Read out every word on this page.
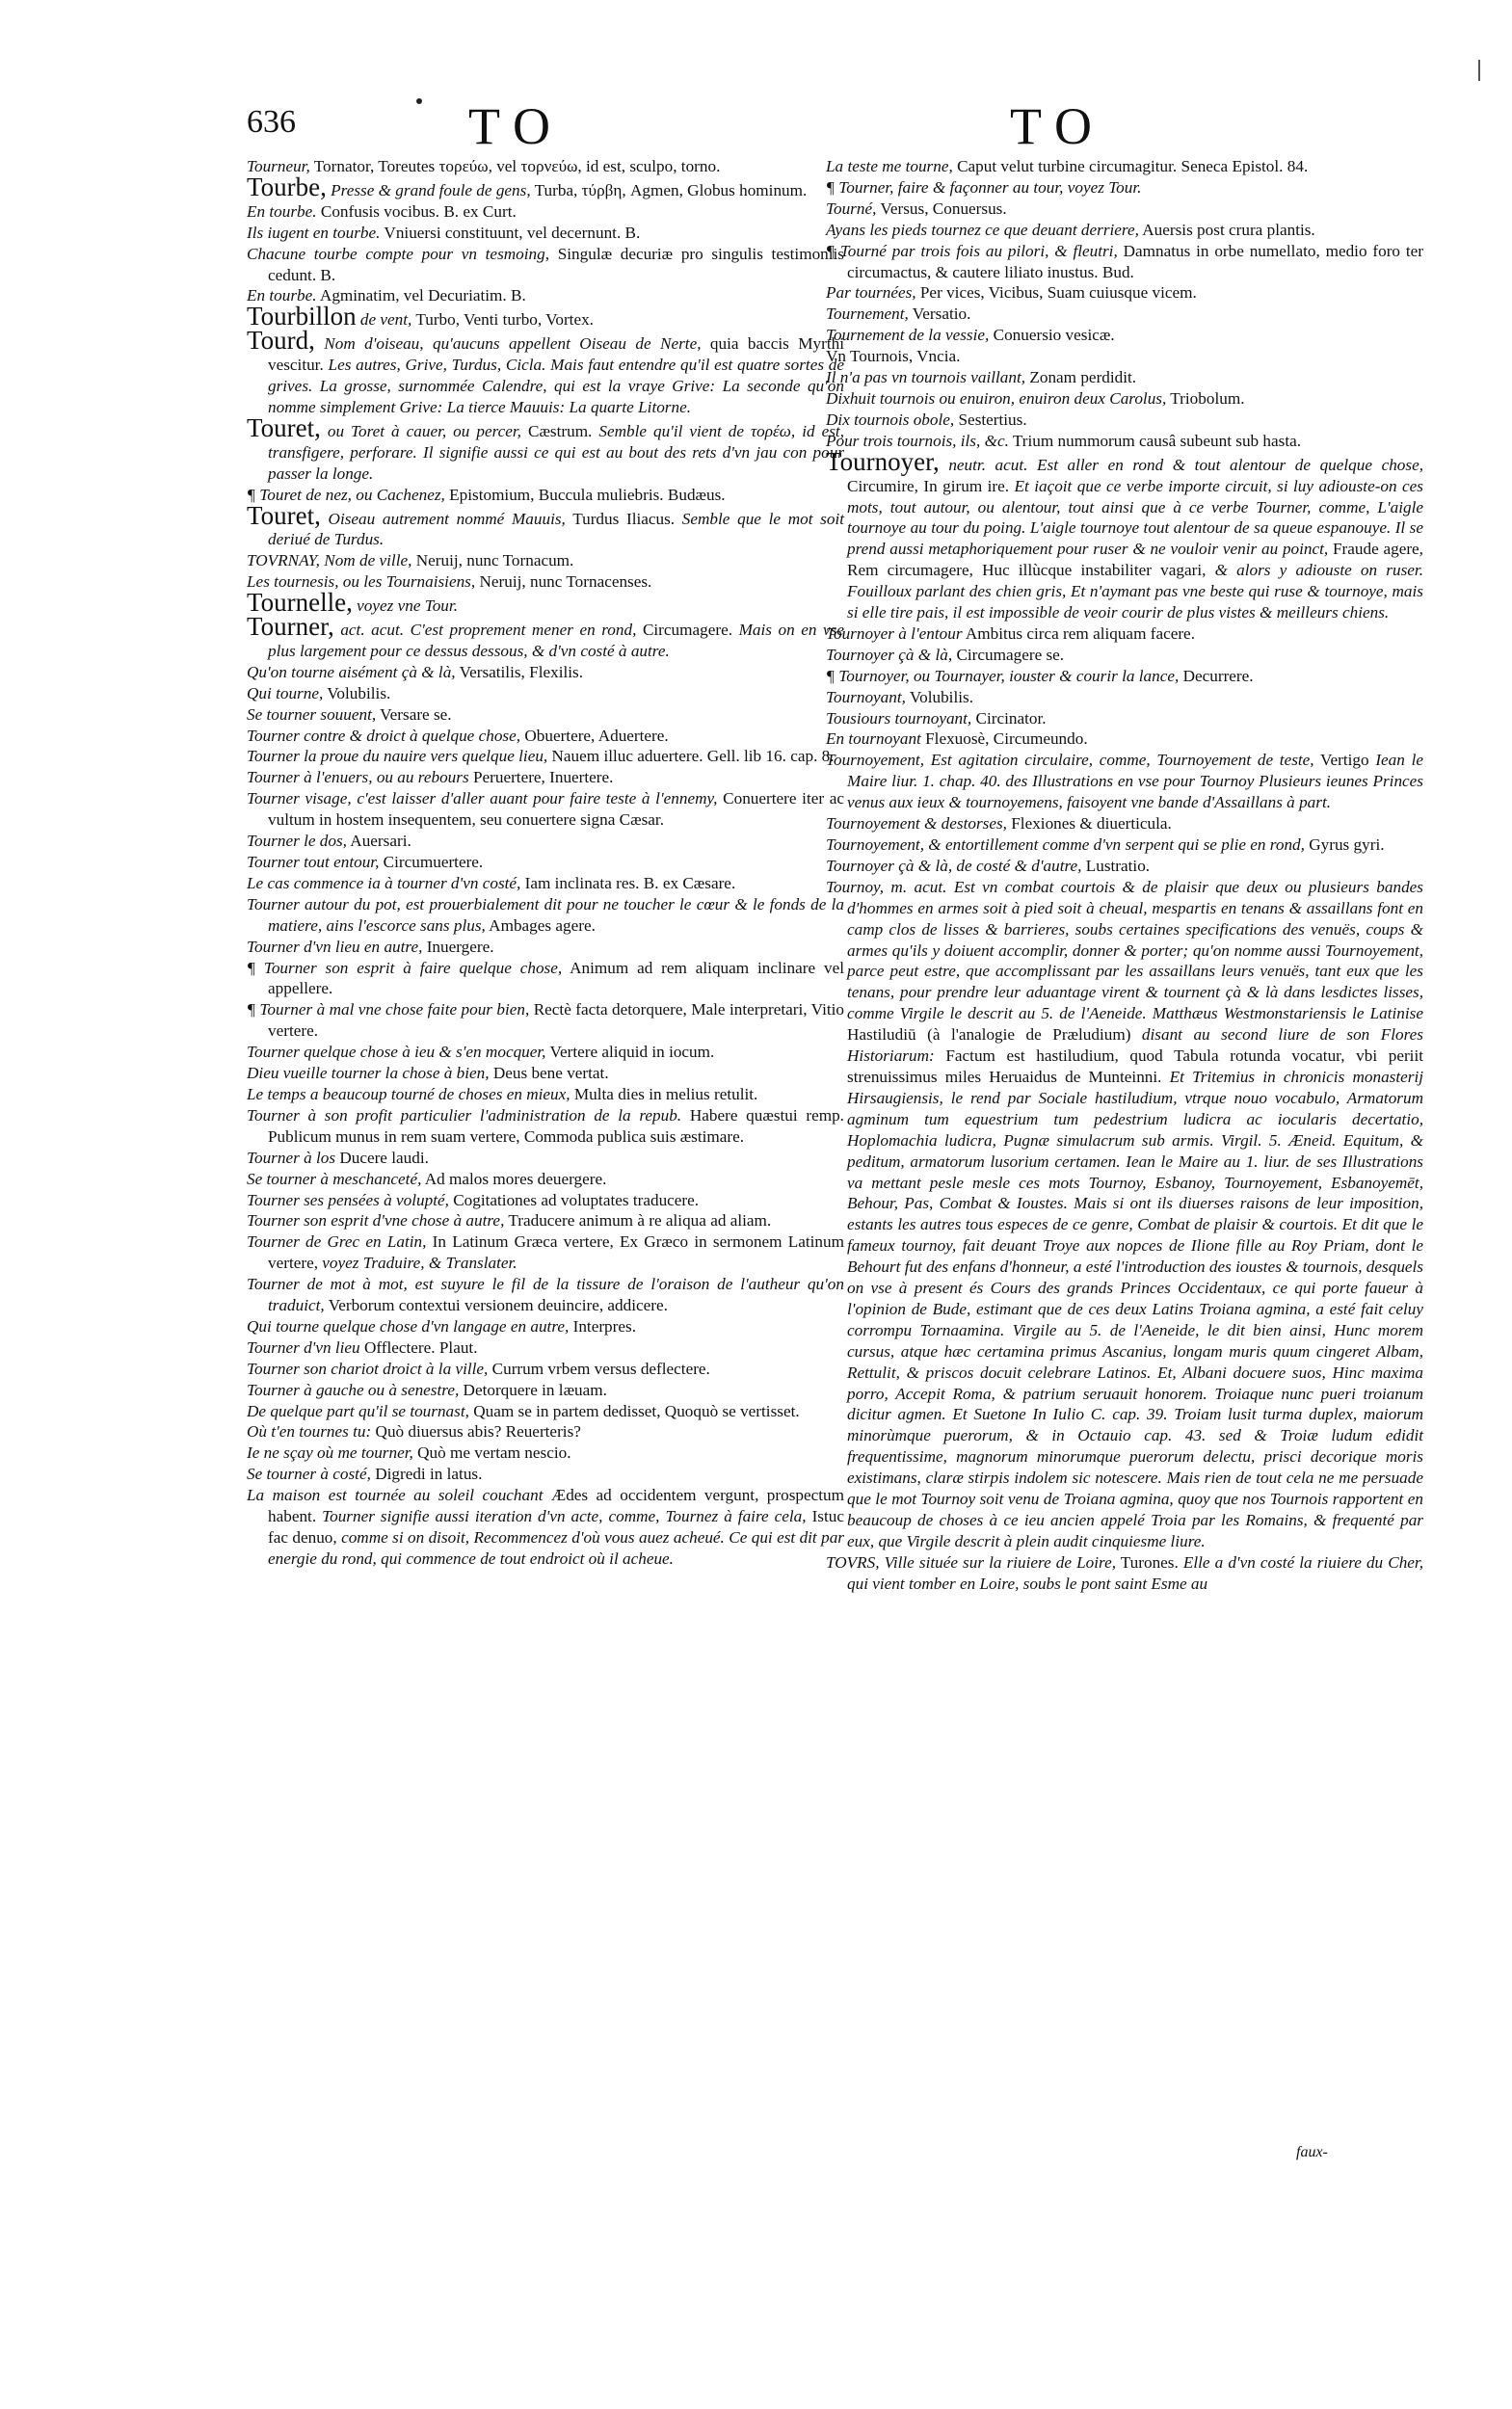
636	TO	TO
Tourneur, Tornator, Toreutes τορεύω, vel τορνεύω, id est, sculpo, torno.
Tourbe, Presse & grand foule de gens, Turba, τύρβη, Agmen, Globus hominum.
En tourbe. Confusis vocibus. B. ex Curt.
Ils iugent en tourbe. Vniuersi constituunt, vel decernunt. B.
Chacune tourbe compte pour vn tesmoing, Singulæ decuriæ pro singulis testimoniis cedunt. B.
En tourbe. Agminatim, vel Decuriatim. B.
Tourbillon de vent, Turbo, Venti turbo, Vortex.
Tourd, Nom d'oiseau, qu'aucuns appellent Oiseau de Nerte, quia baccis Myrthi vescitur. Les autres, Grive, Turdus, Cicla. Mais faut entendre qu'il est quatre sortes de grives. La grosse, surnommée Calendre, qui est la vraye Grive: La seconde qu'on nomme simplement Grive: La tierce Mauuis: La quarte Litorne.
Touret, ou Toret à cauer, ou percer, Cæstrum. Semble qu'il vient de τορέω, id est, transfigere, perforare. Il signifie aussi ce qui est au bout des rets d'vn jau con pour passer la longe.
¶ Touret de nez, ou Cachenez, Epistomium, Buccula muliebris. Budæus.
Touret, Oiseau autrement nommé Mauuis, Turdus Iliacus. Semble que le mot soit deriué de Turdus.
TOVRNAY, Nom de ville, Neruij, nunc Tornacum.
Les tournesis, ou les Tournaisiens, Neruij, nunc Tornacenses.
Tournelle, voyez vne Tour.
Tourner, act. acut. C'est proprement mener en rond, Circumagere. Mais on en vse plus largement pour ce dessus dessous, & d'vn costé à autre.
Qu'on tourne aisément çà & là, Versatilis, Flexilis.
Qui tourne, Volubilis.
Se tourner souuent, Versare se.
Tourner contre & droict à quelque chose, Obuertere, Aduertere.
Tourner la proue du nauire vers quelque lieu, Nauem illuc aduertere. Gell. lib 16. cap. 8.
Tourner à l'enuers, ou au rebours Peruertere, Inuertere.
Tourner visage, c'est laisser d'aller auant pour faire teste à l'ennemy, Conuertere iter ac vultum in hostem insequentem, seu conuertere signa Cæsar.
Tourner le dos, Auersari.
Tourner tout entour, Circumuertere.
Le cas commence ia à tourner d'vn costé, Iam inclinata res. B. ex Cæsare.
Tourner autour du pot, est prouerbialement dit pour ne toucher le cœur & le fonds de la matiere, ains l'escorce sans plus, Ambages agere.
Tourner d'vn lieu en autre, Inuergere.
¶ Tourner son esprit à faire quelque chose, Animum ad rem aliquam inclinare vel appellere.
¶ Tourner à mal vne chose faite pour bien, Rectè facta detorquere, Male interpretari, Vitio vertere.
Tourner quelque chose à ieu & s'en mocquer, Vertere aliquid in iocum.
Dieu vueille tourner la chose à bien, Deus bene vertat.
Le temps a beaucoup tourné de choses en mieux, Multa dies in melius retulit.
Tourner à son profit particulier l'administration de la repub. Habere quæstui remp. Publicum munus in rem suam vertere, Commoda publica suis æstimare.
Tourner à los Ducere laudi.
Se tourner à meschanceté, Ad malos mores deuergere.
Tourner ses pensées à volupté, Cogitationes ad voluptates traducere.
Tourner son esprit d'vne chose à autre, Traducere animum à re aliqua ad aliam.
Tourner de Grec en Latin, In Latinum Græca vertere, Ex Græco in sermonem Latinum vertere, voyez Traduire, & Translater.
Tourner de mot à mot, est suyure le fil de la tissure de l'oraison de l'autheur qu'on traduict, Verborum contextui versionem deuincire, addicere.
Qui tourne quelque chose d'vn langage en autre, Interpres.
Tourner d'vn lieu Offlectere. Plaut.
Tourner son chariot droict à la ville, Currum vrbem versus deflectere.
Tourner à gauche ou à senestre, Detorquere in læuam.
De quelque part qu'il se tournast, Quam se in partem dedisset, Quoquò se vertisset.
Où t'en tournes tu: Quò diuersus abis? Reuerteris?
Ie ne sçay où me tourner, Quò me vertam nescio.
Se tourner à costé, Digredi in latus.
La maison est tournée au soleil couchant Ædes ad occidentem vergunt, prospectum habent. Tourner signifie aussi iteration d'vn acte, comme, Tournez à faire cela, Istuc fac denuo, comme si on disoit, Recommencez d'où vous auez acheué. Ce qui est dit par energie du rond, qui commence de tout endroict où il acheue.
La teste me tourne, Caput velut turbine circumagitur. Seneca Epistol. 84.
¶ Tourner, faire & façonner au tour, voyez Tour.
Tourné, Versus, Conuersus.
Ayans les pieds tournez ce que deuant derriere, Auersis post crura plantis.
¶ Tourné par trois fois au pilori, & fleutri, Damnatus in orbe numellato, medio foro ter circumactus, & cautere liliato inustus. Bud.
Par tournées, Per vices, Vicibus, Suam cuiusque vicem.
Tournement, Versatio.
Tournement de la vessie, Conuersio vesicæ.
Vn Tournois, Vncia.
Il n'a pas vn tournois vaillant, Zonam perdidit.
Dixhuit tournois ou enuiron, enuiron deux Carolus, Triobolum.
Dix tournois obole, Sestertius.
Pour trois tournois, ils, &c. Trium nummorum causâ subeunt sub hasta.
Tournoyer, neutr. acut. Est aller en rond & tout alentour de quelque chose, Circumire, In girum ire. Et iaçoit que ce verbe importe circuit, si luy adiouste-on ces mots, tout autour, ou alentour, tout ainsi que à ce verbe Tourner, comme, L'aigle tournoye au tour du poing. L'aigle tournoye tout alentour de sa queue espanouye. Il se prend aussi metaphoriquement pour ruser & ne vouloir venir au poinct, Fraude agere, Rem circumagere, Huc illùcque instabiliter vagari, & alors y adiouste on ruser. Fouilloux parlant des chien gris, Et n'aymant pas vne beste qui ruse & tournoye, mais si elle tire pais, il est impossible de veoir courir de plus vistes & meilleurs chiens.
Tournoyer à l'entour Ambitus circa rem aliquam facere.
Tournoyer çà & là, Circumagere se.
¶ Tournoyer, ou Tournayer, iouster & courir la lance, Decurrere.
Tournoyant, Volubilis.
Tousiours tournoyant, Circinator.
En tournoyant Flexuosè, Circumeundo.
Tournoyement, Est agitation circulaire, comme, Tournoyement de teste, Vertigo Iean le Maire liur. 1. chap. 40. des Illustrations en vse pour Tournoy Plusieurs ieunes Princes venus aux ieux & tournoyemens, faisoyent vne bande d'Assaillans à part.
Tournoyement & destorses, Flexiones & diuerticula.
Tournoyement, & entortillement comme d'vn serpent qui se plie en rond, Gyrus gyri.
Tournoyer çà & là, de costé & d'autre, Lustratio.
Tournoy, m. acut. Est vn combat courtois & de plaisir que deux ou plusieurs bandes d'hommes en armes soit à pied soit à cheual, mespartis en tenans & assaillans font en camp clos de lisses & barrieres, soubs certaines specifications des venuës, coups & armes qu'ils y doiuent accomplir, donner & porter; qu'on nomme aussi Tournoyement, parce peut estre, que accomplissant par les assaillans leurs venuës, tant eux que les tenans, pour prendre leur aduantage virent & tournent çà & là dans lesdictes lisses, comme Virgile le descrit au 5. de l'Aeneide. Matthæus Westmonstariensis le Latinise Hastiludiū (à l'analogie de Præludium) disant au second liure de son Flores Historiarum: Factum est hastiludium, quod Tabula rotunda vocatur, vbi periit strenuissimus miles Heruaidus de Munteinni. Et Tritemius in chronicis monasterij Hirsaugiensis, le rend par Sociale hastiludium, vtrque nouo vocabulo, Armatorum agminum tum equestrium tum pedestrium ludicra ac iocularis decertatio, Hoplomachia ludicra, Pugnæ simulacrum sub armis. Virgil. 5. Æneid. Equitum, & peditum, armatorum lusorium certamen. Iean le Maire au 1. liur. de ses Illustrations va mettant pesle mesle ces mots Tournoy, Esbanoy, Tournoyement, Esbanoyemēt, Behour, Pas, Combat & Ioustes. Mais si ont ils diuerses raisons de leur imposition, estants les autres tous especes de ce genre, Combat de plaisir & courtois. Et dit que le fameux tournoy, fait deuant Troye aux nopces de Ilione fille au Roy Priam, dont le Behourt fut des enfans d'honneur, a esté l'introduction des ioustes & tournois, desquels on vse à present és Cours des grands Princes Occidentaux, ce qui porte faueur à l'opinion de Bude, estimant que de ces deux Latins Troiana agmina, a esté fait celuy corrompu Tornaamina. Virgile au 5. de l'Aeneide, le dit bien ainsi, Hunc morem cursus, atque hæc certamina primus Ascanius, longam muris quum cingeret Albam, Rettulit, & priscos docuit celebrare Latinos. Et, Albani docuere suos, Hinc maxima porro, Accepit Roma, & patrium seruauit honorem. Troiaque nunc pueri troianum dicitur agmen. Et Suetone In Iulio C. cap. 39. Troiam lusit turma duplex, maiorum minorùmque puerorum, & in Octauio cap. 43. sed & Troiæ ludum edidit frequentissime, magnorum minorumque puerorum delectu, prisci decorique moris existimans, claræ stirpis indolem sic notescere. Mais rien de tout cela ne me persuade que le mot Tournoy soit venu de Troiana agmina, quoy que nos Tournois rapportent en beaucoup de choses à ce ieu ancien appelé Troia par les Romains, & frequenté par eux, que Virgile descrit à plein audit cinquiesme liure.
TOVRS, Ville située sur la riuiere de Loire, Turones. Elle a d'vn costé la riuiere du Cher, qui vient tomber en Loire, soubs le pont saint Esme au
faux-
